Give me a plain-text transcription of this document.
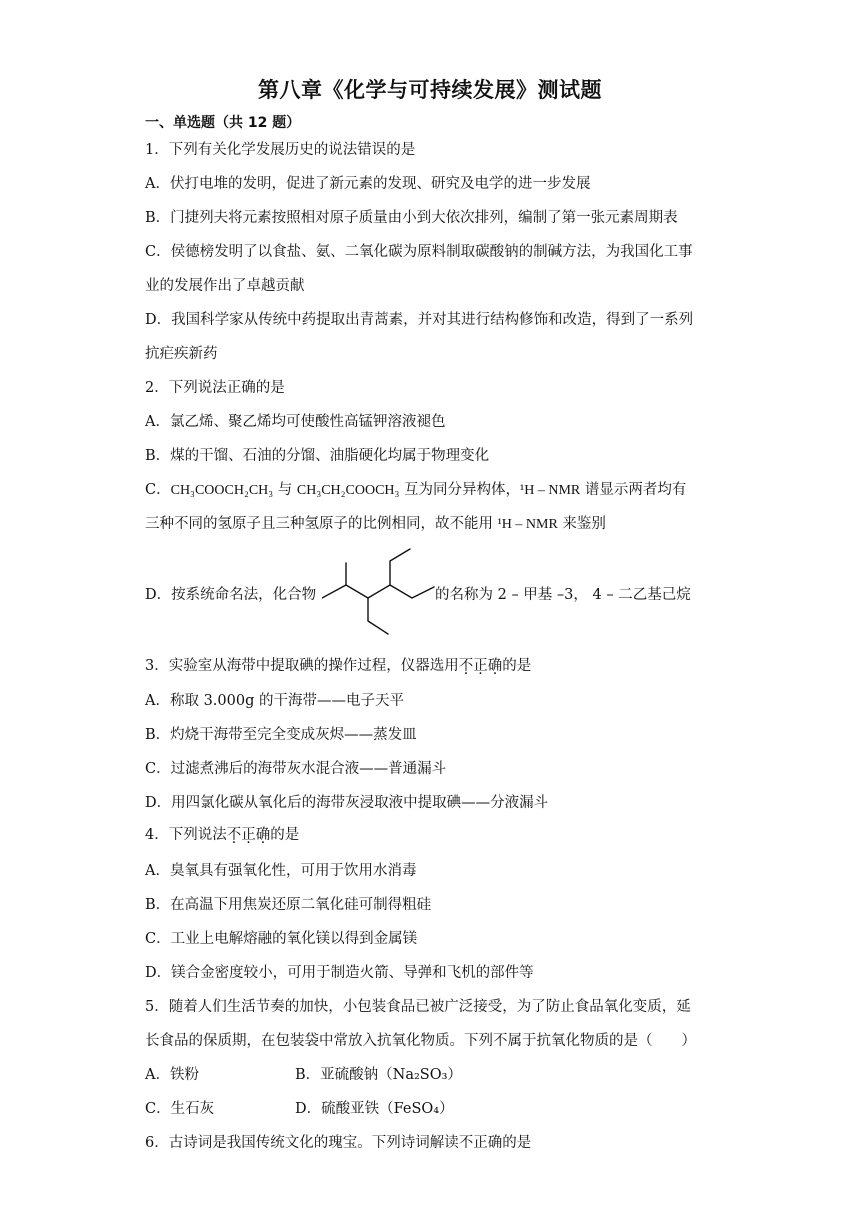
第八章《化学与可持续发展》测试题
一、单选题（共 12 题）
1．下列有关化学发展历史的说法错误的是
A．伏打电堆的发明，促进了新元素的发现、研究及电学的进一步发展
B．门捷列夫将元素按照相对原子质量由小到大依次排列，编制了第一张元素周期表
C．侯德榜发明了以食盐、氨、二氧化碳为原料制取碳酸钠的制碱方法，为我国化工事
业的发展作出了卓越贡献
D．我国科学家从传统中药提取出青蒿素，并对其进行结构修饰和改造，得到了一系列
抗疟疾新药
2．下列说法正确的是
A．氯乙烯、聚乙烯均可使酸性高锰钾溶液褪色
B．煤的干馏、石油的分馏、油脂硬化均属于物理变化
C．CH₃COOCH₂CH₃ 与 CH₃CH₂COOCH₃ 互为同分异构体，¹H – NMR 谱显示两者均有
三种不同的氢原子且三种氢原子的比例相同，故不能用 ¹H – NMR 来鉴别
D．按系统命名法，化合物	的名称为 2 – 甲基 –3， 4 – 二乙基己烷
3．实验室从海带中提取碘的操作过程，仪器选用不正确的是
A．称取 3.000g 的干海带——电子天平
B．灼烧干海带至完全变成灰烬——蒸发皿
C．过滤煮沸后的海带灰水混合液——普通漏斗
D．用四氯化碳从氧化后的海带灰浸取液中提取碘——分液漏斗
4．下列说法不正确的是
A．臭氧具有强氧化性，可用于饮用水消毒
B．在高温下用焦炭还原二氧化硅可制得粗硅
C．工业上电解熔融的氧化镁以得到金属镁
D．镁合金密度较小，可用于制造火箭、导弹和飞机的部件等
5．随着人们生活节奏的加快，小包装食品已被广泛接受，为了防止食品氧化变质，延
长食品的保质期，在包装袋中常放入抗氧化物质。下列不属于抗氧化物质的是（　　）
A．铁粉	B．亚硫酸钠（Na₂SO₃）
C．生石灰	D．硫酸亚铁（FeSO₄）
6．古诗词是我国传统文化的瑰宝。下列诗词解读不正确的是
